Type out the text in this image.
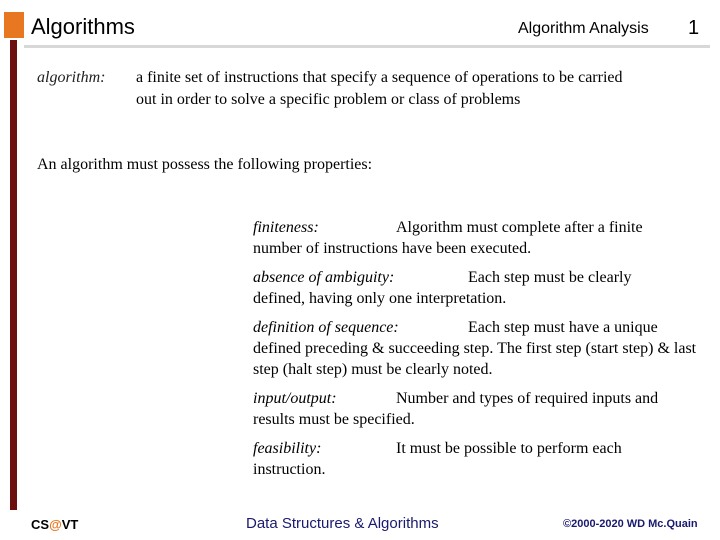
Algorithms	Algorithm Analysis 1
algorithm: a finite set of instructions that specify a sequence of operations to be carried out in order to solve a specific problem or class of problems
An algorithm must possess the following properties:
finiteness:	Algorithm must complete after a finite
number of instructions have been executed.
absence of ambiguity:	Each step must be clearly
defined, having only one interpretation.
definition of sequence:	Each step must have a unique
defined preceding & succeeding step. The first step (start step) & last step (halt step) must be clearly noted.
input/output:	Number and types of required inputs and
results must be specified.
feasibility:	It must be possible to perform each
instruction.
CS@VT	Data Structures & Algorithms	©2000-2020 WD Mc.Quain
